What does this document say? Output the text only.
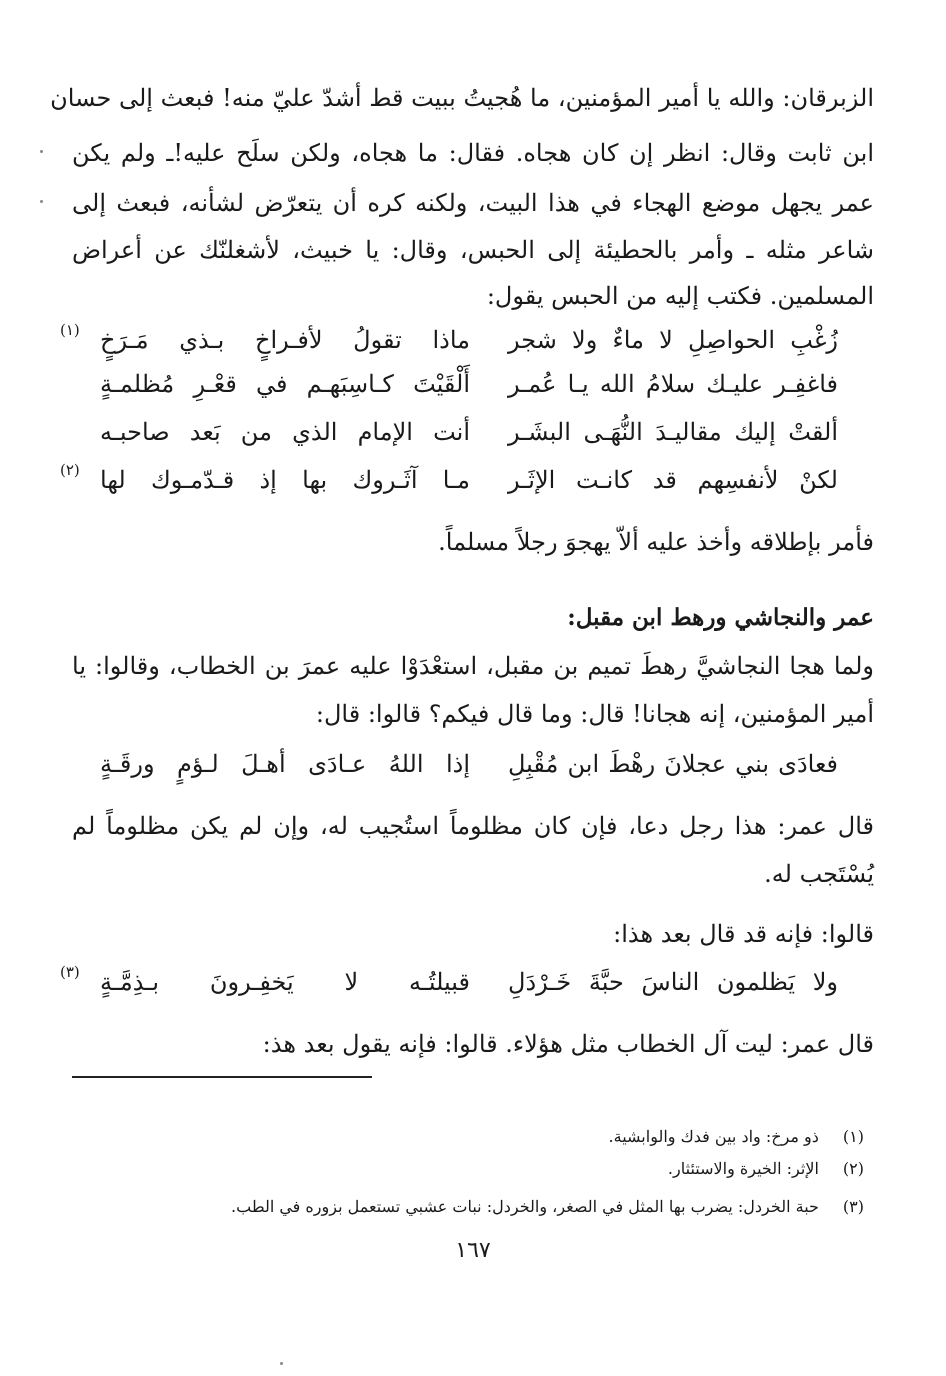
الزبرقان: والله يا أمير المؤمنين، ما هُجيتُ ببيت قط أشدّ عليّ منه! فبعث إلى حسان
ابن ثابت وقال: انظر إن كان هجاه. فقال: ما هجاه، ولكن سلَح عليه!ـ ولم يكن
عمر يجهل موضع الهجاء في هذا البيت، ولكنه كره أن يتعرّض لشأنه، فبعث إلى
شاعر مثله ـ وأمر بالحطيئة إلى الحبس، وقال: يا خبيث، لأشغلنّك عن أعراض
المسلمين. فكتب إليه من الحبس يقول:
ماذا تقولُ لأفـراخٍ بـذي مَـرَخٍ زُغْبِ الحواصِلِ لا ماءٌ ولا شجر
(١)
أَلْقَيْتَ كـاسِبَهـم في قعْـرِ مُظلمـةٍ فاغفِـر عليـك سلامُ الله يـا عُمـر
أنت الإمام الذي من بَعد صاحبـه ألقتْ إليك مقاليـدَ النُّهَـى البشَـر
مـا آثَـروك بها إذ قـدّمـوك لها لكنْ لأنفسِهم قد كانـت الإثَـر
(٢)
فأمر بإطلاقه وأخذ عليه ألاّ يهجوَ رجلاً مسلماً.
عمر والنجاشي ورهط ابن مقبل:
ولما هجا النجاشيَّ رهطَ تميم بن مقبل، استعْدَوْا عليه عمرَ بن الخطاب، وقالوا: يا
أمير المؤمنين، إنه هجانا! قال: وما قال فيكم؟ قالوا: قال:
إذا اللهُ عـادَى أهـلَ لـؤمٍ ورقَـةٍ فعادَى بني عجلانَ رهْطَ ابن مُقْبِلِ
قال عمر: هذا رجل دعا، فإن كان مظلوماً استُجيب له، وإن لم يكن مظلوماً لم
يُسْتَجب له.
قالوا: فإنه قد قال بعد هذا:
قبيلتُـه لا يَخفِـرونَ بـذِمَّـةٍ ولا يَظلمون الناسَ حبَّةَ خَـرْدَلِ
(٣)
قال عمر: ليت آل الخطاب مثل هؤلاء. قالوا: فإنه يقول بعد هذ:
(١) ذو مرخ: واد بين فدك والوابشية.
(٢) الإثر: الخيرة والاستئثار.
(٣) حبة الخردل: يضرب بها المثل في الصغر، والخردل: نبات عشبي تستعمل بزوره في الطب.
١٦٧
